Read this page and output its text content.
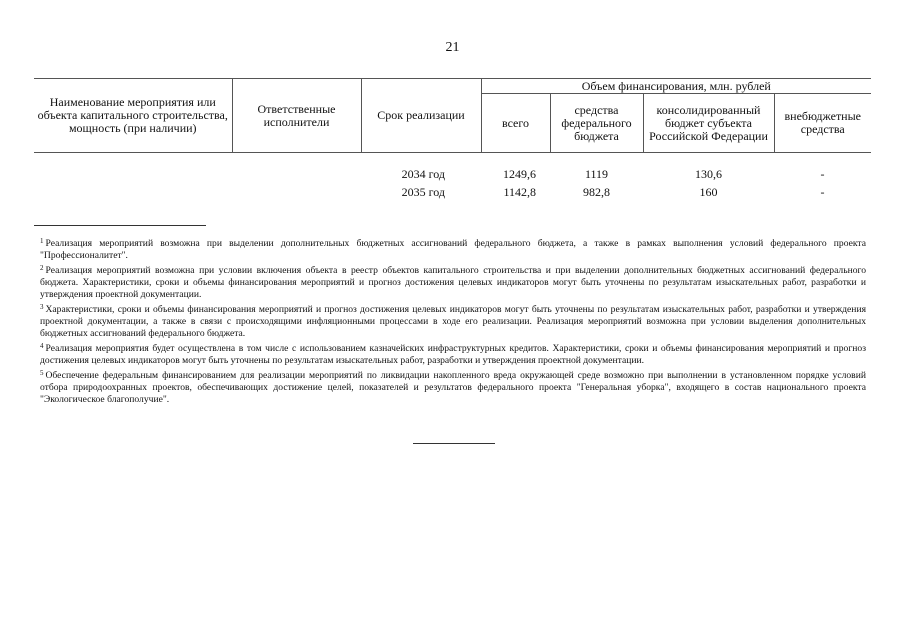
21
Наименование мероприятия или объекта капитального строительства, мощность (при наличии)	Ответственные исполнители	Срок реализации	Объем финансирования, млн. рублей			
			всего	средства федерального бюджета	консолидированный бюджет субъекта Российской Федерации	внебюджетные средства

		2034 год	1249,6	1119	130,6	-
		2035 год	1142,8	982,8	160	-

$^1$ Реализация мероприятий возможна при выделении дополнительных бюджетных ассигнований федерального бюджета, а также в рамках выполнения условий федерального проекта "Профессионалитет".

$^2$ Реализация мероприятий возможна при условии включения объекта в реестр объектов капитального строительства и при выделении дополнительных бюджетных ассигнований федерального бюджета. Характеристики, сроки и объемы финансирования мероприятий и прогноз достижения целевых индикаторов могут быть уточнены по результатам изыскательных работ, разработки и утверждения проектной документации.

$^3$ Характеристики, сроки и объемы финансирования мероприятий и прогноз достижения целевых индикаторов могут быть уточнены по результатам изыскательных работ, разработки и утверждения проектной документации, а также в связи с происходящими инфляционными процессами в ходе его реализации. Реализация мероприятий возможна при условии выделения дополнительных бюджетных ассигнований федерального бюджета.

$^4$ Реализация мероприятия будет осуществлена в том числе с использованием казначейских инфраструктурных кредитов. Характеристики, сроки и объемы финансирования мероприятий и прогноз достижения целевых индикаторов могут быть уточнены по результатам изыскательных работ, разработки и утверждения проектной документации.

$^5$ Обеспечение федеральным финансированием для реализации мероприятий по ликвидации накопленного вреда окружающей среде возможно при выполнении в установленном порядке условий отбора природоохранных проектов, обеспечивающих достижение целей, показателей и результатов федерального проекта "Генеральная уборка", входящего в состав национального проекта "Экологическое благополучие".
